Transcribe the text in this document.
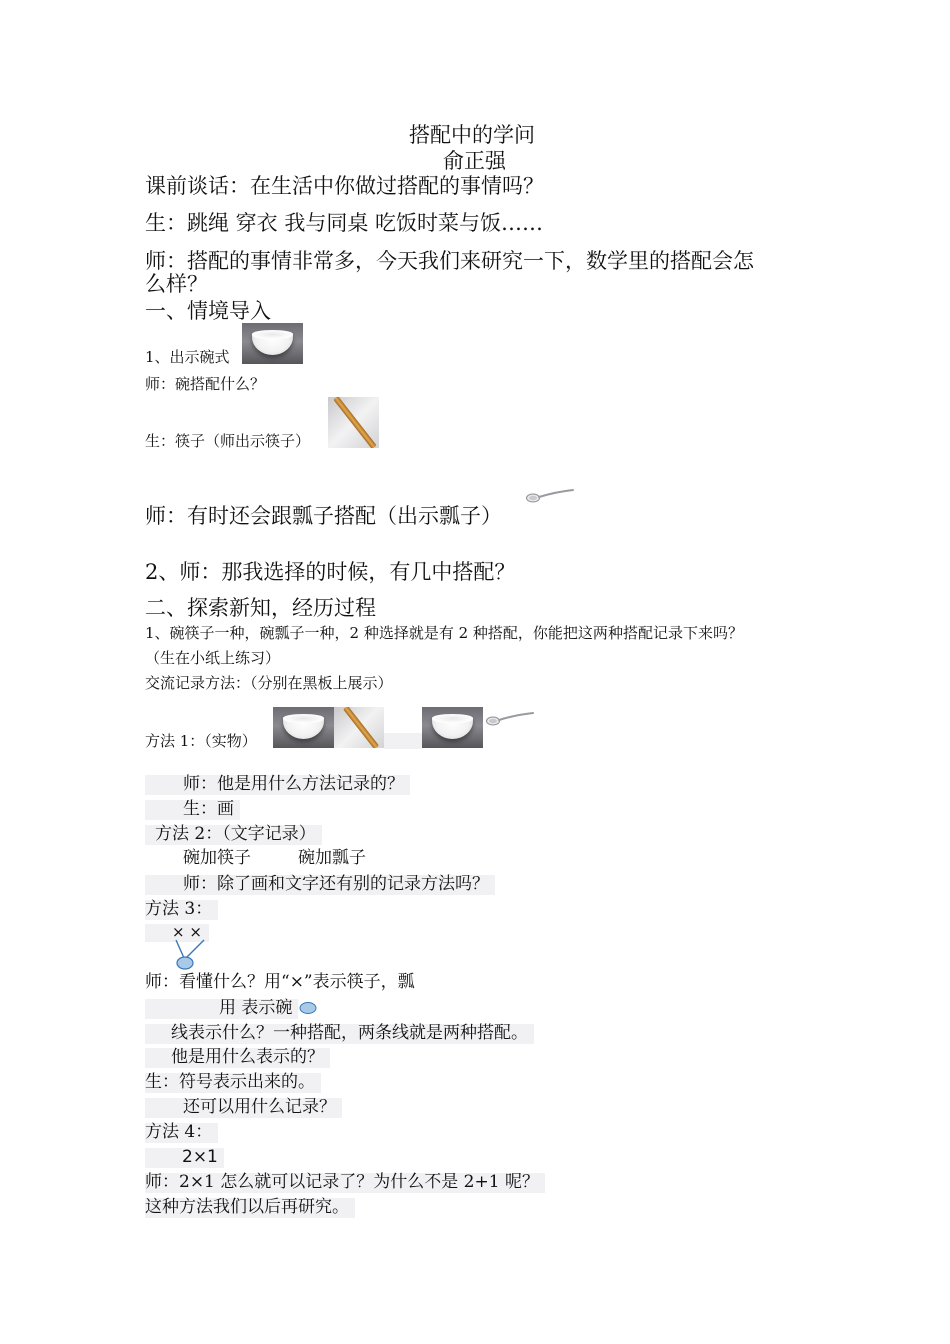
搭配中的学问
俞正强
课前谈话：在生活中你做过搭配的事情吗？
生：跳绳 穿衣 我与同桌 吃饭时菜与饭……
师：搭配的事情非常多，今天我们来研究一下，数学里的搭配会怎
么样？
一、情境导入
1、出示碗式
师：碗搭配什么？
生：筷子（师出示筷子）
师：有时还会跟瓢子搭配（出示瓢子）
2、师：那我选择的时候，有几中搭配？
二、探索新知，经历过程
1、碗筷子一种，碗瓢子一种，2 种选择就是有 2 种搭配，你能把这两种搭配记录下来吗？
（生在小纸上练习）
交流记录方法：（分别在黑板上展示）
方法 1：（实物）
师：他是用什么方法记录的？
生：画
方法 2：（文字记录）
碗加筷子	碗加瓢子
师：除了画和文字还有别的记录方法吗？
方法 3：
× ×
师：看懂什么？用“×”表示筷子，瓢
用 表示碗
线表示什么？一种搭配，两条线就是两种搭配。
他是用什么表示的？
生：符号表示出来的。
还可以用什么记录？
方法 4：
2×1
师：2×1 怎么就可以记录了？为什么不是 2+1 呢？
这种方法我们以后再研究。
